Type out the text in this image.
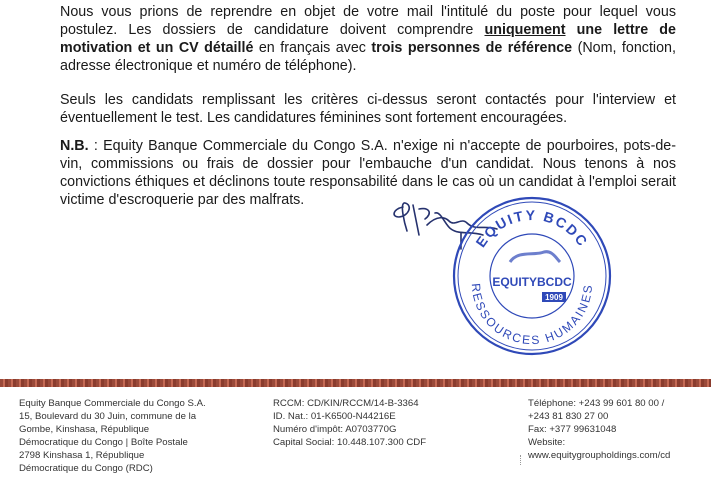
Nous vous prions de reprendre en objet de votre mail l'intitulé du poste pour lequel vous postulez. Les dossiers de candidature doivent comprendre uniquement une lettre de motivation et un CV détaillé en français avec trois personnes de référence (Nom, fonction, adresse électronique et numéro de téléphone).
Seuls les candidats remplissant les critères ci-dessus seront contactés pour l'interview et éventuellement le test. Les candidatures féminines sont fortement encouragées.
N.B. : Equity Banque Commerciale du Congo S.A. n'exige ni n'accepte de pourboires, pots-de-vin, commissions ou frais de dossier pour l'embauche d'un candidat. Nous tenons à nos convictions éthiques et déclinons toute responsabilité dans le cas où un candidat à l'emploi serait victime d'escroquerie par des malfrats.
EQUITY BCDC
RESSOURCES HUMAINES
EQUITYBCDC
1909
Equity Banque Commerciale du Congo S.A.
15, Boulevard du 30 Juin, commune de la
Gombe, Kinshasa, République
Démocratique du Congo | Boîte Postale
2798 Kinshasa 1, République
Démocratique du Congo (RDC)
RCCM: CD/KIN/RCCM/14-B-3364
ID. Nat.: 01-K6500-N44216E
Numéro d'impôt: A0703770G
Capital Social: 10.448.107.300 CDF
Téléphone: +243 99 601 80 00 /
+243 81 830 27 00
Fax: +377 99631048
Website:
www.equitygroupholdings.com/cd
